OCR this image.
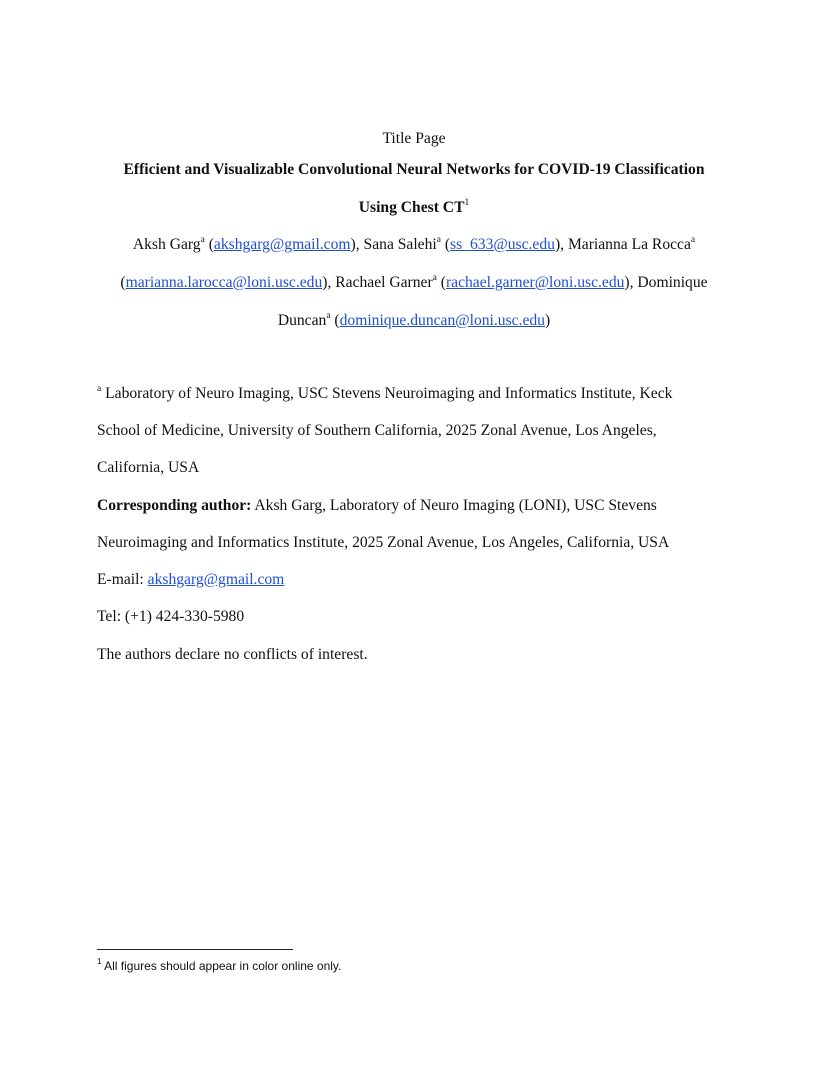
Title Page
Efficient and Visualizable Convolutional Neural Networks for COVID-19 Classification
Using Chest $CT^1$
Aksh Garg$^a$ (akshgarg@gmail.com), Sana Salehi$^a$ (ss_633@usc.edu), Marianna La Rocca$^a$
(marianna.larocca@loni.usc.edu), Rachael Garner$^a$ (rachael.garner@loni.usc.edu), Dominique
Duncan$^a$ (dominique.duncan@loni.usc.edu)
$^a$ Laboratory of Neuro Imaging, USC Stevens Neuroimaging and Informatics Institute, Keck
School of Medicine, University of Southern California, 2025 Zonal Avenue, Los Angeles,
California, USA
Corresponding author: Aksh Garg, Laboratory of Neuro Imaging (LONI), USC Stevens
Neuroimaging and Informatics Institute, 2025 Zonal Avenue, Los Angeles, California, USA
E-mail: akshgarg@gmail.com
Tel: (+1) 424-330-5980
The authors declare no conflicts of interest.
$^1$ All figures should appear in color online only.
